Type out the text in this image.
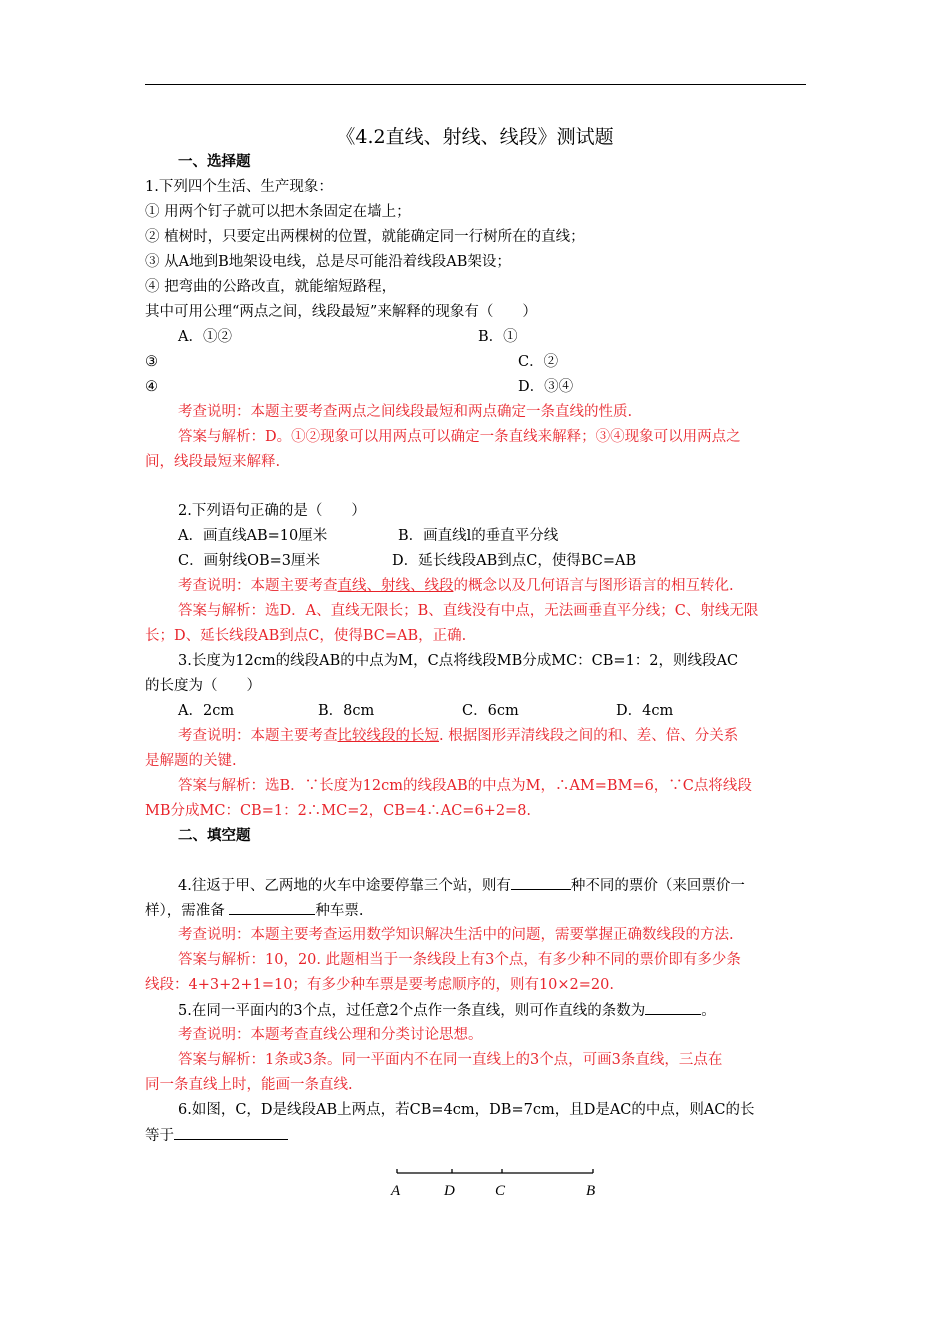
《4.2直线、射线、线段》测试题
一、选择题
1.下列四个生活、生产现象：
① 用两个钉子就可以把木条固定在墙上；
② 植树时，只要定出两棵树的位置，就能确定同一行树所在的直线；
③ 从A地到B地架设电线，总是尽可能沿着线段AB架设；
④ 把弯曲的公路改直，就能缩短路程，
其中可用公理“两点之间，线段最短”来解释的现象有（　　）
A．①②	B．①
③	C．②
④	D．③④
考查说明：本题主要考查两点之间线段最短和两点确定一条直线的性质.
答案与解析：D。①②现象可以用两点可以确定一条直线来解释；③④现象可以用两点之
间，线段最短来解释.
2.下列语句正确的是（　　）
A．画直线AB=10厘米	B．画直线l的垂直平分线
C．画射线OB=3厘米	D．延长线段AB到点C，使得BC=AB
考查说明：本题主要考查直线、射线、线段的概念以及几何语言与图形语言的相互转化.
答案与解析：选D．A、直线无限长；B、直线没有中点，无法画垂直平分线；C、射线无限
长；D、延长线段AB到点C，使得BC=AB，正确.
3.长度为12cm的线段AB的中点为M，C点将线段MB分成MC：CB=1：2，则线段AC
的长度为（　　）
A．2cm	B．8cm	C．6cm	D．4cm
考查说明：本题主要考查比较线段的长短. 根据图形弄清线段之间的和、差、倍、分关系
是解题的关键.
答案与解析：选B．∵长度为12cm的线段AB的中点为M，∴AM=BM=6，∵C点将线段
MB分成MC：CB=1：2∴MC=2，CB=4∴AC=6+2=8.
二、填空题
4.往返于甲、乙两地的火车中途要停靠三个站，则有	种不同的票价（来回票价一
样），需准备	种车票.
考查说明：本题主要考查运用数学知识解决生活中的问题，需要掌握正确数线段的方法.
答案与解析：10，20. 此题相当于一条线段上有3个点，有多少种不同的票价即有多少条
线段：4+3+2+1=10；有多少种车票是要考虑顺序的，则有10×2=20.
5.在同一平面内的3个点，过任意2个点作一条直线，则可作直线的条数为	。
考查说明：本题考查直线公理和分类讨论思想。
答案与解析：1条或3条。同一平面内不在同一直线上的3个点，可画3条直线，三点在
同一条直线上时，能画一条直线.
6.如图，C，D是线段AB上两点，若CB=4cm，DB=7cm，且D是AC的中点，则AC的长
等于
A	D	C	B
